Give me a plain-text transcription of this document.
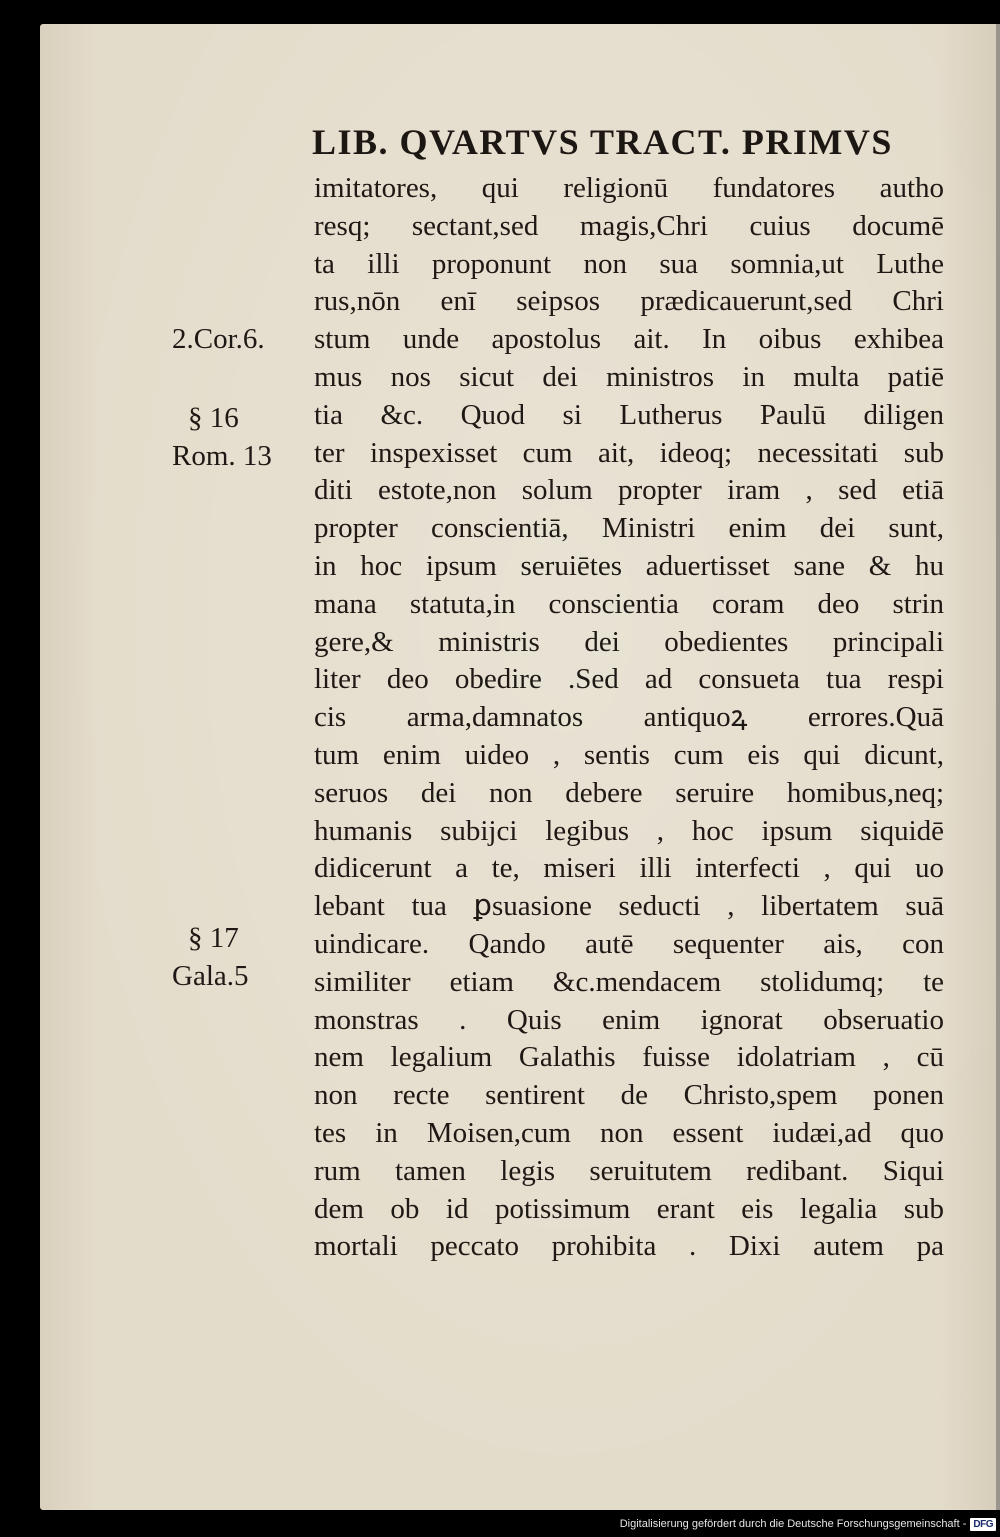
LIB. QVARTVS TRACT. PRIMVS
imitatores, qui religionū fundatores autho
resq; sectant,sed magis,Chri cuius documē
ta illi proponunt non sua somnia,ut Luthe
rus,nōn enī seipsos prædicauerunt,sed Chri
stum unde apostolus ait. In oibus exhibea
mus nos sicut dei ministros in multa patiē
tia &c. Quod si Lutherus Paulū diligen
ter inspexisset cum ait, ideoq; necessitati sub
diti estote,non solum propter iram , sed etiā
propter conscientiā, Ministri enim dei sunt,
in hoc ipsum seruiētes aduertisset sane & hu
mana statuta,in conscientia coram deo strin
gere,& ministris dei obedientes principali
liter deo obedire .Sed ad consueta tua respi
cis arma,damnatos antiquoꝝ errores.Quā
tum enim uideo , sentis cum eis qui dicunt,
seruos dei non debere seruire homibus,neq;
humanis subijci legibus , hoc ipsum siquidē
didicerunt a te, miseri illi interfecti , qui uo
lebant tua ꝑsuasione seducti , libertatem suā
uindicare. Qando autē sequenter ais, con
similiter etiam &c.mendacem stolidumq; te
monstras . Quis enim ignorat obseruatio
nem legalium Galathis fuisse idolatriam , cū
non recte sentirent de Christo,spem ponen
tes in Moisen,cum non essent iudæi,ad quo
rum tamen legis seruitutem redibant. Siqui
dem ob id potissimum erant eis legalia sub
mortali peccato prohibita . Dixi autem pa
2.Cor.6.
§ 16
Rom. 13
§ 17
Gala.5
Digitalisierung gefördert durch die Deutsche Forschungsgemeinschaft - DFG
